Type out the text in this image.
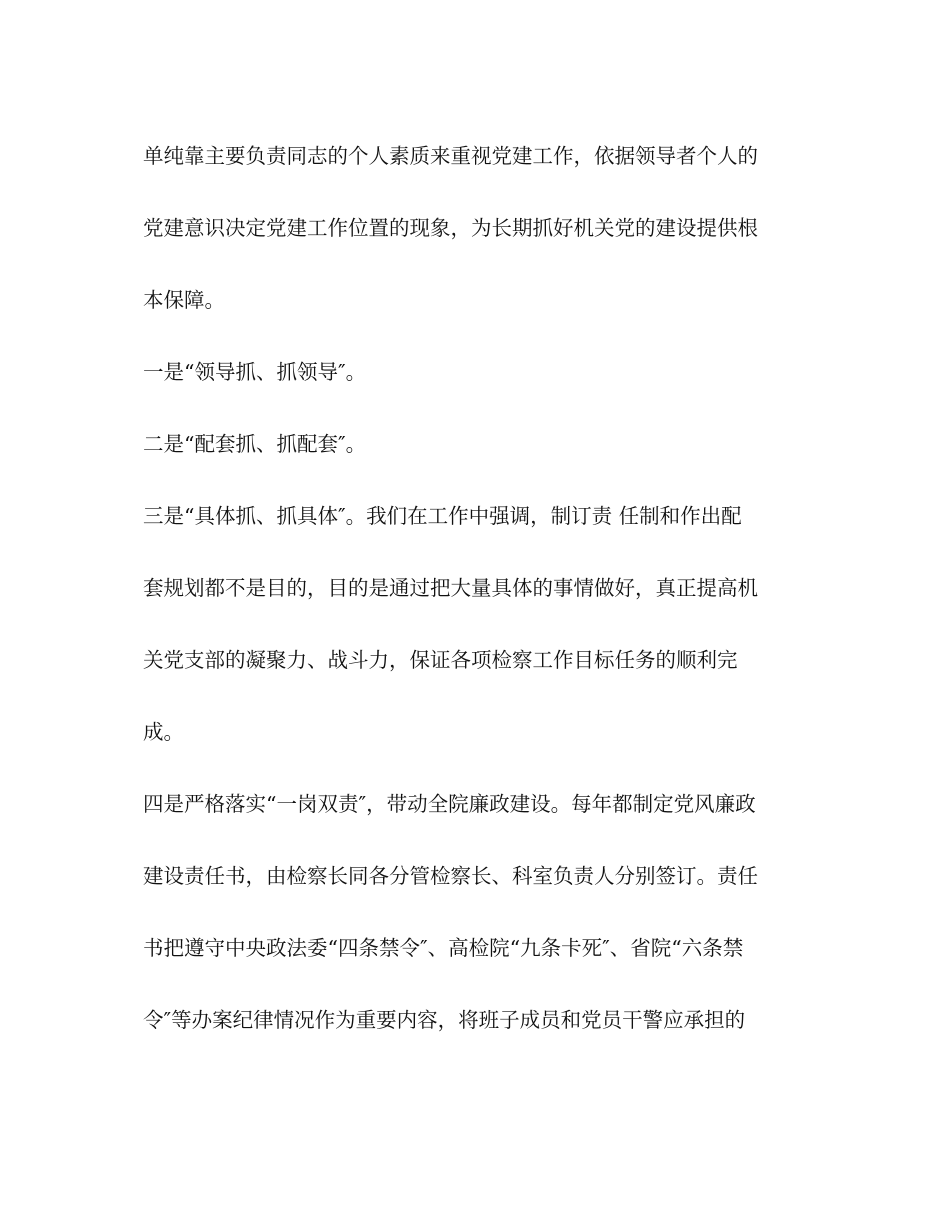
单纯靠主要负责同志的个人素质来重视党建工作，依据领导者个人的

党建意识决定党建工作位置的现象，为长期抓好机关党的建设提供根

本保障。

一是“领导抓、抓领导″。

二是“配套抓、抓配套″。

三是“具体抓、抓具体″。我们在工作中强调，制订责 任制和作出配

套规划都不是目的，目的是通过把大量具体的事情做好，真正提高机

关党支部的凝聚力、战斗力，保证各项检察工作目标任务的顺利完

成。

四是严格落实“一岗双责″，带动全院廉政建设。每年都制定党风廉政

建设责任书，由检察长同各分管检察长、科室负责人分别签订。责任

书把遵守中央政法委“四条禁令″、高检院“九条卡死″、省院“六条禁

令″等办案纪律情况作为重要内容，将班子成员和党员干警应承担的
